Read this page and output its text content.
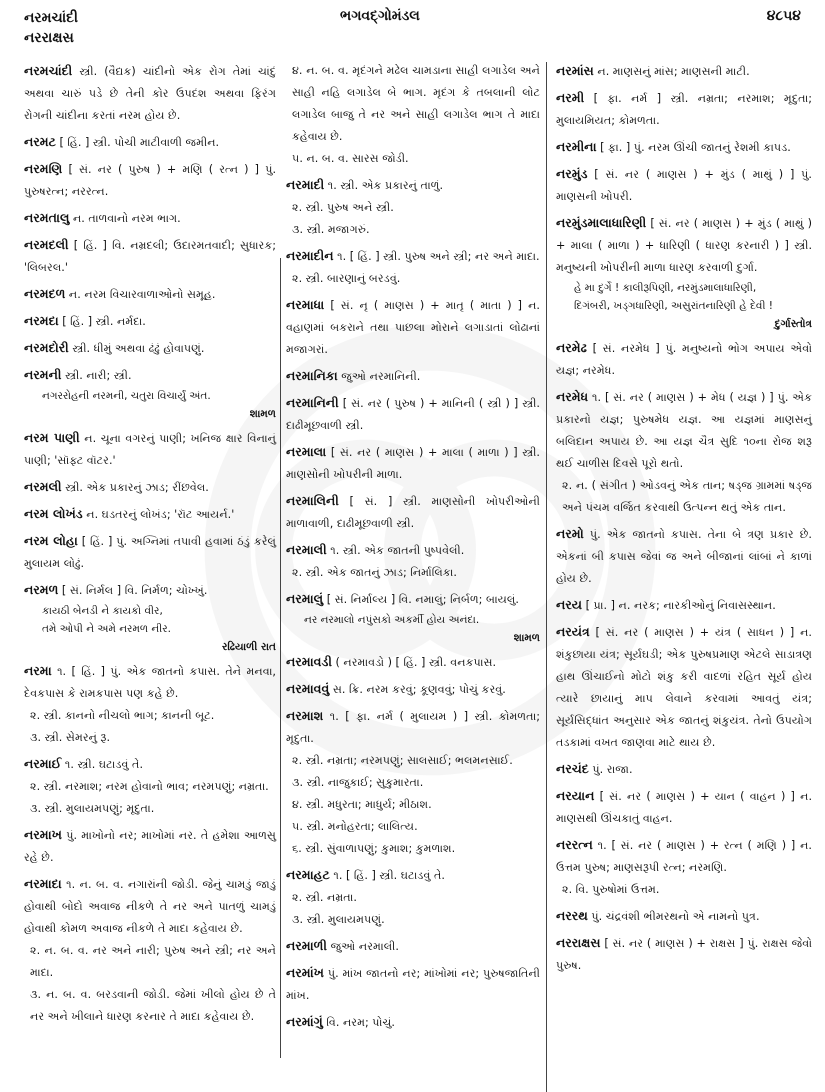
નરમચાંદી
નરરાક્ષસ
ભગવદ્ગોમંડલ	૪૮૫૪
નરમચાંદી સ્ત્રી. (વૈદ્યક) ચાંદીનો એક રોગ તેમાં ચાંદું અથવા ચારું પડે છે તેની કોર ઉપદંશ અથવા ફિરંગ રોગની ચાંદીના કરતાં નરમ હોય છે.
નરમટ [ હિં. ] સ્ત્રી. પોચી માટીવાળી જમીન.
નરમણિ [ સં. નર ( પુરુષ ) + મણિ ( રત્ન ) ] પું. પુરુષરત્ન; નરરત્ન.
નરમતાલુ ન. તાળવાનો નરમ ભાગ.
નરમદલી [ હિં. ] વિ. નમ્રદલી; ઉદારમતવાદી; સુધારક; 'લિબરલ.'
નરમદળ ન. નરમ વિચારવાળાઓનો સમૂહ.
નરમદા [ હિં. ] સ્ત્રી. નર્મદા.
નરમદોરી સ્ત્રી. ધીમું અથવા ઢંઢું હોવાપણું.
નરમની સ્ત્રી. નારી; સ્ત્રી.
નગરરોહની નરમની, ચતુરા વિચાર્યું અંત.
શામળ
નરમ પાણી ન. ચૂના વગરનું પાણી; ખનિજ ક્ષાર વિનાનું પાણી; 'સૉફ્ટ વૉટર.'
નરમલી સ્ત્રી. એક પ્રકારનું ઝાડ; રીંછવેલ.
નરમ લોખંડ ન. ઘડતરનું લોખંડ; 'રૉટ આયર્ન.'
નરમ લોહા [ હિં. ] પું. અગ્નિમાં તપાવી હવામાં ઠંડું કરેલું મુલાયમ લોઢું.
નરમળ [ સં. નિર્મલ ] વિ. નિર્મળ; ચોખ્ખું.
કાયઠી બેનડી ને કાયકો વીર,
તમે ઓપી ને અમે નરમળ નીર.
રઢિયાળી રાત
નરમા ૧. [ હિં. ] પું. એક જાતનો કપાસ. તેને મનવા, દેવકપાસ કે રામકપાસ પણ કહે છે.
૨. સ્ત્રી. કાનનો નીચલો ભાગ; કાનની બૂટ.
૩. સ્ત્રી. સેમરનું રૂ.
નરમાઈ ૧. સ્ત્રી. ઘટાડવું તે.
૨. સ્ત્રી. નરમાશ; નરમ હોવાનો ભાવ; નરમપણું; નમ્રતા.
૩. સ્ત્રી. મુલાયમપણું; મૃદુતા.
નરમાખ પું. માખોનો નર; માખોમાં નર. તે હમેશા આળસુ રહે છે.
નરમાદા ૧. ન. બ. વ. નગારાંની જોડી. જેનું ચામડું જાડું હોવાથી બોદો અવાજ નીકળે તે નર અને પાતળું ચામડું હોવાથી કોમળ અવાજ નીકળે તે માદા કહેવાય છે.
૨. ન. બ. વ. નર અને નારી; પુરુષ અને સ્ત્રી; નર અને માદા.
૩. ન. બ. વ. બરડવાની જોડી. જેમાં ખીલો હોય છે તે નર અને ખીલાને ધારણ કરનાર તે માદા કહેવાય છે.
૪. ન. બ. વ. મૃદંગને મઢેલ ચામડાના સાહી લગાડેલ અને સાહી નહિ લગાડેલ બે ભાગ. મૃદંગ કે તબલાની લોટ લગાડેલ બાજુ તે નર અને સાહી લગાડેલ ભાગ તે માદા કહેવાય છે.
૫. ન. બ. વ. સારસ જોડી.
નરમાદી ૧. સ્ત્રી. એક પ્રકારનું તાળું.
૨. સ્ત્રી. પુરુષ અને સ્ત્રી.
૩. સ્ત્રી. મજાગરું.
નરમાદીન ૧. [ હિં. ] સ્ત્રી. પુરુષ અને સ્ત્રી; નર અને માદા.
૨. સ્ત્રી. બારણાનું બરડવું.
નરમાધા [ સં. નૃ ( માણસ ) + માતૃ ( માતા ) ] ન. વહાણમાં બકરાને તથા પાછલા મોરાને લગાડાતાં લોઢાનાં મજાગરાં.
નરમાનિકા જુઓ નરમાનિની.
નરમાનિની [ સં. નર ( પુરુષ ) + માનિની ( સ્ત્રી ) ] સ્ત્રી. દાઢીમૂછવાળી સ્ત્રી.
નરમાલા [ સં. નર ( માણસ ) + માલા ( માળા ) ] સ્ત્રી. માણસોની ખોપરીની માળા.
નરમાલિની [ સં. ] સ્ત્રી. માણસોની ખોપરીઓની માળાવાળી, દાઢીમૂછવાળી સ્ત્રી.
નરમાલી ૧. સ્ત્રી. એક જાતની પુષ્પવેલી.
૨. સ્ત્રી. એક જાતનું ઝાડ; નિર્માલિકા.
નરમાલું [ સં. નિર્માલ્ય ] વિ. નમાલું; નિર્બળ; બાયલું.
નર નરમાલો નપુંસકો અકર્મી હોય અનંદા.
શામળ
નરમાવડી ( નરમાવડો ) [ હિં. ] સ્ત્રી. વનકપાસ.
નરમાવવું સ. ક્રિ. નરમ કરવું; કૂણવવું; પોચું કરવું.
નરમાશ ૧. [ ફા. નર્મ ( મુલાયમ ) ] સ્ત્રી. કોમળતા; મૃદુતા.
૨. સ્ત્રી. નમ્રતા; નરમપણું; સાલસાઈ; ભલમનસાઈ.
૩. સ્ત્રી. નાજુકાઈ; સુકુમારતા.
૪. સ્ત્રી. મધુરતા; માધુર્ય; મીઠાશ.
૫. સ્ત્રી. મનોહરતા; લાલિત્ય.
૬. સ્ત્રી. સુંવાળાપણું; કુમાશ; કુમળાશ.
નરમાહટ ૧. [ હિં. ] સ્ત્રી. ઘટાડવું તે.
૨. સ્ત્રી. નમ્રતા.
૩. સ્ત્રી. મુલાયમપણું.
નરમાળી જુઓ નરમાલી.
નરમાંખ પું. માંખ જાતનો નર; માંખોમાં નર; પુરુષજાતિની માંખ.
નરમાંગું વિ. નરમ; પોચું.
નરમાંસ ન. માણસનું માંસ; માણસની માટી.
નરમી [ ફા. નર્મ ] સ્ત્રી. નમ્રતા; નરમાશ; મૃદુતા; મુલાયમિયત; કોમળતા.
નરમીના [ ફા. ] પું. નરમ ઊંચી જાતનું રેશમી કાપડ.
નરમુંડ [ સં. નર ( માણસ ) + મુંડ ( માથું ) ] પું. માણસની ખોપરી.
નરમુંડમાલાધારિણી [ સં. નર ( માણસ ) + મુંડ ( માથું ) + માલા ( માળા ) + ધારિણી ( ધારણ કરનારી ) ] સ્ત્રી. મનુષ્યની ખોપરીની માળા ધારણ કરવાળી દુર્ગા.
હે મા દુર્ગે ! કાલીરૂપિણી, નરમુંડમાલાધારિણી,
દિગંબરી, ખડ્ગધારિણી, અસુરાંતનારિણી હે દેવી !
દુર્ગાસ્તોત્ર
નરમેઢ [ સં. નરમેધ ] પું. મનુષ્યનો ભોગ અપાય એવો યજ્ઞ; નરમેધ.
નરમેધ ૧. [ સં. નર ( માણસ ) + મેધ ( યજ્ઞ ) ] પું. એક પ્રકારનો યજ્ઞ; પુરુષમેધ યજ્ઞ. આ યજ્ઞમાં માણસનું બલિદાન અપાય છે. આ યજ્ઞ ચૈત્ર સુદિ ૧૦ના રોજ શરૂ થઈ ચાળીસ દિવસે પૂરો થતો.
૨. ન. ( સંગીત ) ઓડવનું એક તાન; ષડ્જ ગ્રામમાં ષડ્જ અને પંચમ વર્જિત કરવાથી ઉત્પન્ન થતું એક તાન.
નરમો પું. એક જાતનો કપાસ. તેના બે ત્રણ પ્રકાર છે. એકનાં બી કપાસ જેવાં જ અને બીજાનાં લાંબાં ને કાળાં હોય છે.
નરય [ પ્રા. ] ન. નરક; નારકીઓનું નિવાસસ્થાન.
નરયંત્ર [ સં. નર ( માણસ ) + યંત્ર ( સાધન ) ] ન. શંકુછાયા યંત્ર; સૂર્યઘડી; એક પુરુષપ્રમાણ એટલે સાડાત્રણ હાથ ઊંચાઈનો મોટો શંકુ કરી વાદળાં રહિત સૂર્ય હોય ત્યારે છાયાનું માપ લેવાને કરવામાં આવતું યંત્ર; સૂર્યસિદ્ધાંત અનુસાર એક જાતનું શંકુયંત્ર. તેનો ઉપયોગ તડકામાં વખત જાણવા માટે થાય છે.
નરચંદ પું. રાજા.
નરયાન [ સં. નર ( માણસ ) + યાન ( વાહન ) ] ન. માણસથી ઊંચકાતું વાહન.
નરરત્ન ૧. [ સં. નર ( માણસ ) + રત્ન ( મણિ ) ] ન. ઉત્તમ પુરુષ; માણસરૂપી રત્ન; નરમણિ.
૨. વિ. પુરુષોમાં ઉત્તમ.
નરરથ પું. ચંદ્રવંશી ભીમરથનો એ નામનો પુત્ર.
નરરાક્ષસ [ સં. નર ( માણસ ) + રાક્ષસ ] પું. રાક્ષસ જેવો પુરુષ.
